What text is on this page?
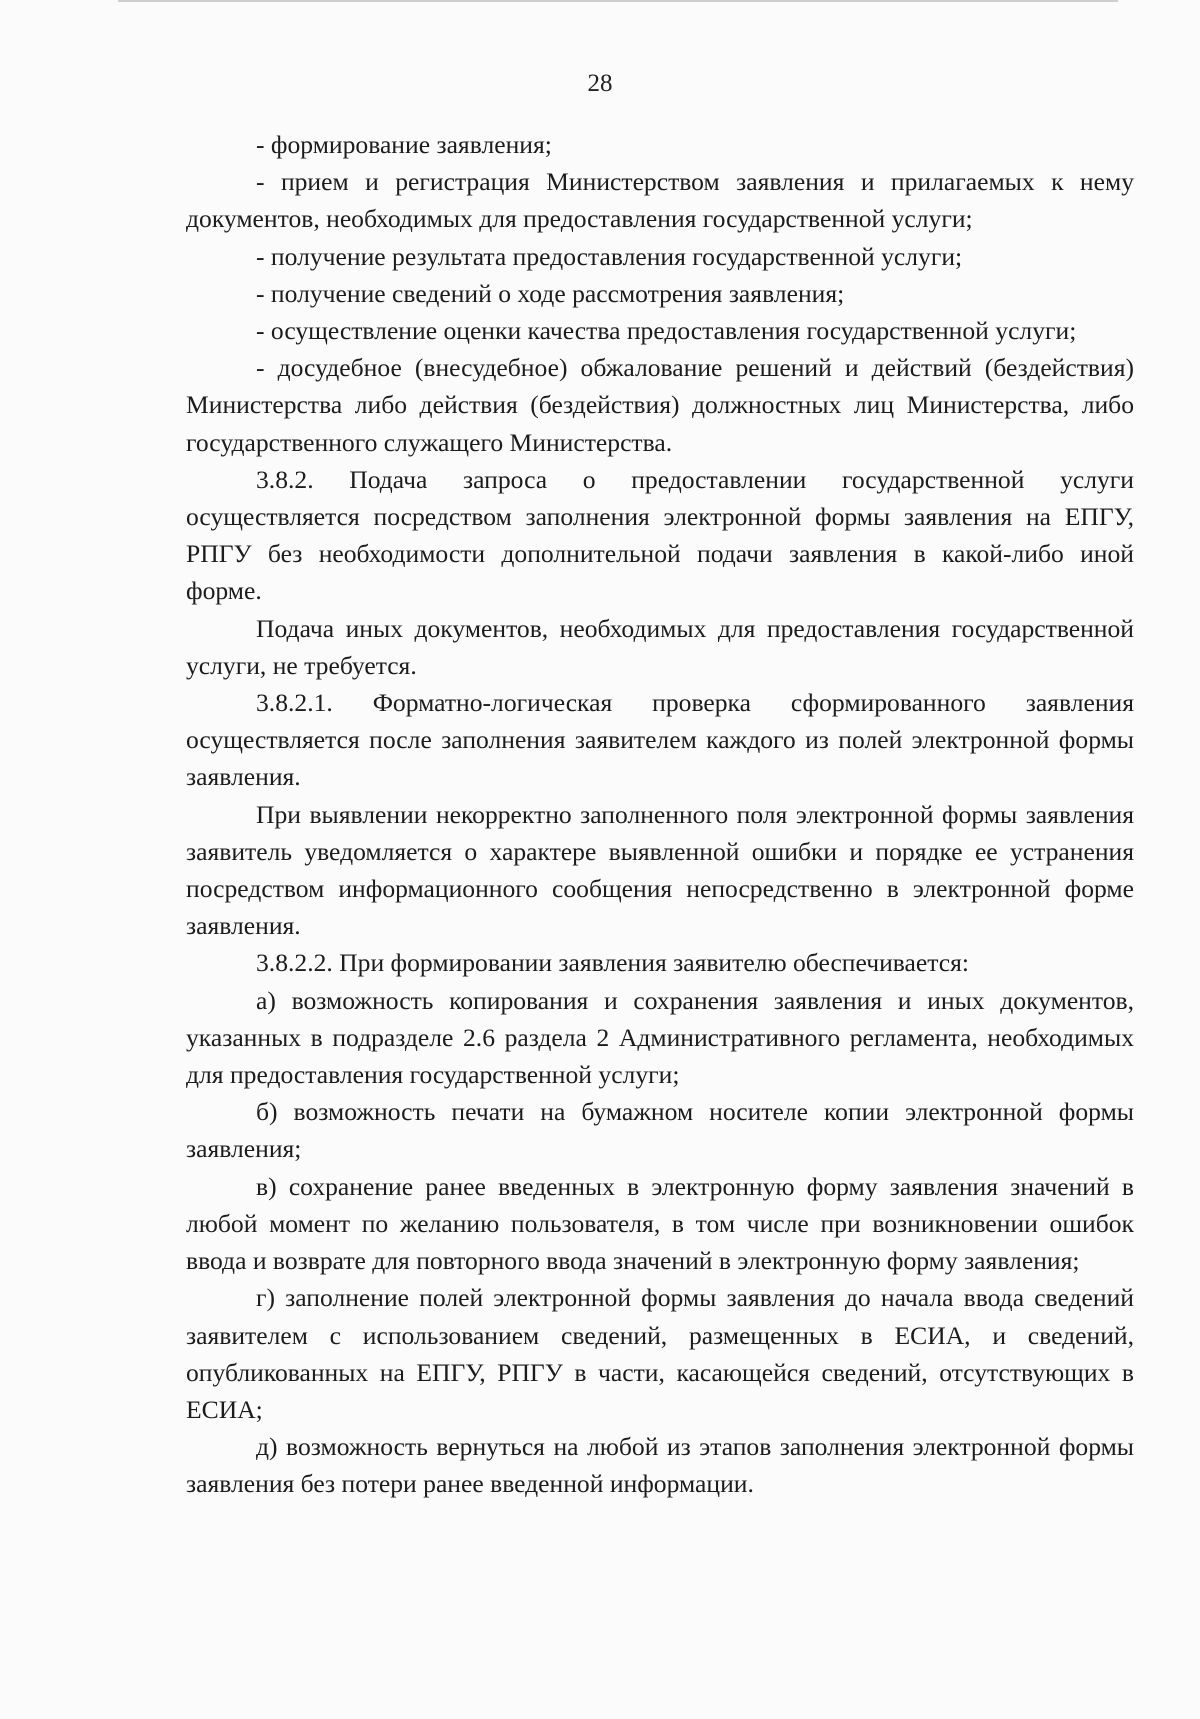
28

- формирование заявления;

- прием и регистрация Министерством заявления и прилагаемых к нему документов, необходимых для предоставления государственной услуги;

- получение результата предоставления государственной услуги;

- получение сведений о ходе рассмотрения заявления;

- осуществление оценки качества предоставления государственной услуги;

- досудебное (внесудебное) обжалование решений и действий (бездействия) Министерства либо действия (бездействия) должностных лиц Министерства, либо государственного служащего Министерства.

3.8.2. Подача запроса о предоставлении государственной услуги осуществляется посредством заполнения электронной формы заявления на ЕПГУ, РПГУ без необходимости дополнительной подачи заявления в какой-либо иной форме.

Подача иных документов, необходимых для предоставления государственной услуги, не требуется.

3.8.2.1. Форматно-логическая проверка сформированного заявления осуществляется после заполнения заявителем каждого из полей электронной формы заявления.

При выявлении некорректно заполненного поля электронной формы заявления заявитель уведомляется о характере выявленной ошибки и порядке ее устранения посредством информационного сообщения непосредственно в электронной форме заявления.

3.8.2.2. При формировании заявления заявителю обеспечивается:

а) возможность копирования и сохранения заявления и иных документов, указанных в подразделе 2.6 раздела 2 Административного регламента, необходимых для предоставления государственной услуги;

б) возможность печати на бумажном носителе копии электронной формы заявления;

в) сохранение ранее введенных в электронную форму заявления значений в любой момент по желанию пользователя, в том числе при возникновении ошибок ввода и возврате для повторного ввода значений в электронную форму заявления;

г) заполнение полей электронной формы заявления до начала ввода сведений заявителем с использованием сведений, размещенных в ЕСИА, и сведений, опубликованных на ЕПГУ, РПГУ в части, касающейся сведений, отсутствующих в ЕСИА;

д) возможность вернуться на любой из этапов заполнения электронной формы заявления без потери ранее введенной информации.
